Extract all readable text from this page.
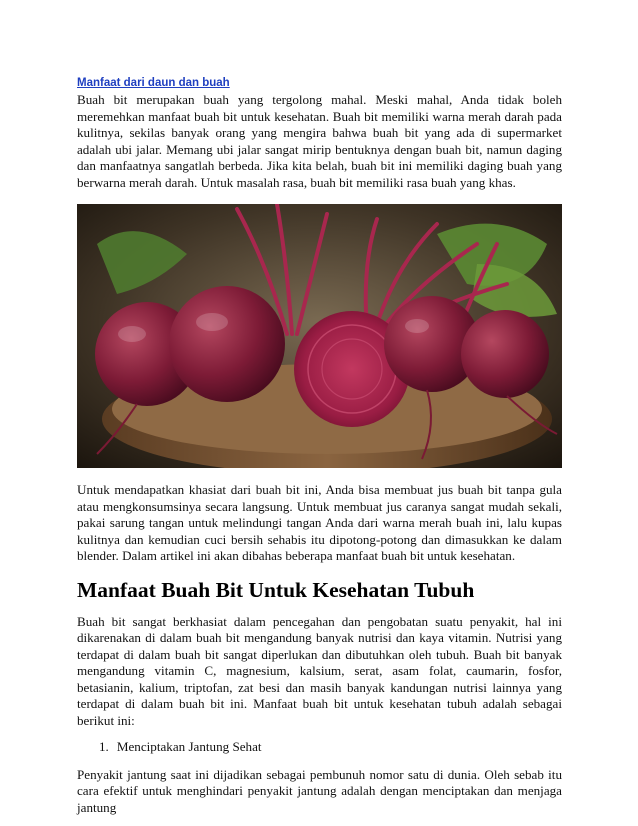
Manfaat dari daun dan buah

Buah bit merupakan buah yang tergolong mahal. Meski mahal, Anda tidak boleh meremehkan manfaat buah bit untuk kesehatan. Buah bit memiliki warna merah darah pada kulitnya, sekilas banyak orang yang mengira bahwa buah bit yang ada di supermarket adalah ubi jalar. Memang ubi jalar sangat mirip bentuknya dengan buah bit, namun daging dan manfaatnya sangatlah berbeda. Jika kita belah, buah bit ini memiliki daging buah yang berwarna merah darah. Untuk masalah rasa, buah bit memiliki rasa buah yang khas.

Untuk mendapatkan khasiat dari buah bit ini, Anda bisa membuat jus buah bit tanpa gula atau mengkonsumsinya secara langsung. Untuk membuat jus caranya sangat mudah sekali, pakai sarung tangan untuk melindungi tangan Anda dari warna merah buah ini, lalu kupas kulitnya dan kemudian cuci bersih sehabis itu dipotong-potong dan dimasukkan ke dalam blender. Dalam artikel ini akan dibahas beberapa manfaat buah bit untuk kesehatan.

Manfaat Buah Bit Untuk Kesehatan Tubuh

Buah bit sangat berkhasiat dalam pencegahan dan pengobatan suatu penyakit, hal ini dikarenakan di dalam buah bit mengandung banyak nutrisi dan kaya vitamin. Nutrisi yang terdapat di dalam buah bit sangat diperlukan dan dibutuhkan oleh tubuh. Buah bit banyak mengandung vitamin C, magnesium, kalsium, serat, asam folat, caumarin, fosfor, betasianin, kalium, triptofan, zat besi dan masih banyak kandungan nutrisi lainnya yang terdapat di dalam buah bit ini. Manfaat buah bit untuk kesehatan tubuh adalah sebagai berikut ini:

1. Menciptakan Jantung Sehat

Penyakit jantung saat ini dijadikan sebagai pembunuh nomor satu di dunia. Oleh sebab itu cara efektif untuk menghindari penyakit jantung adalah dengan menciptakan dan menjaga jantung
